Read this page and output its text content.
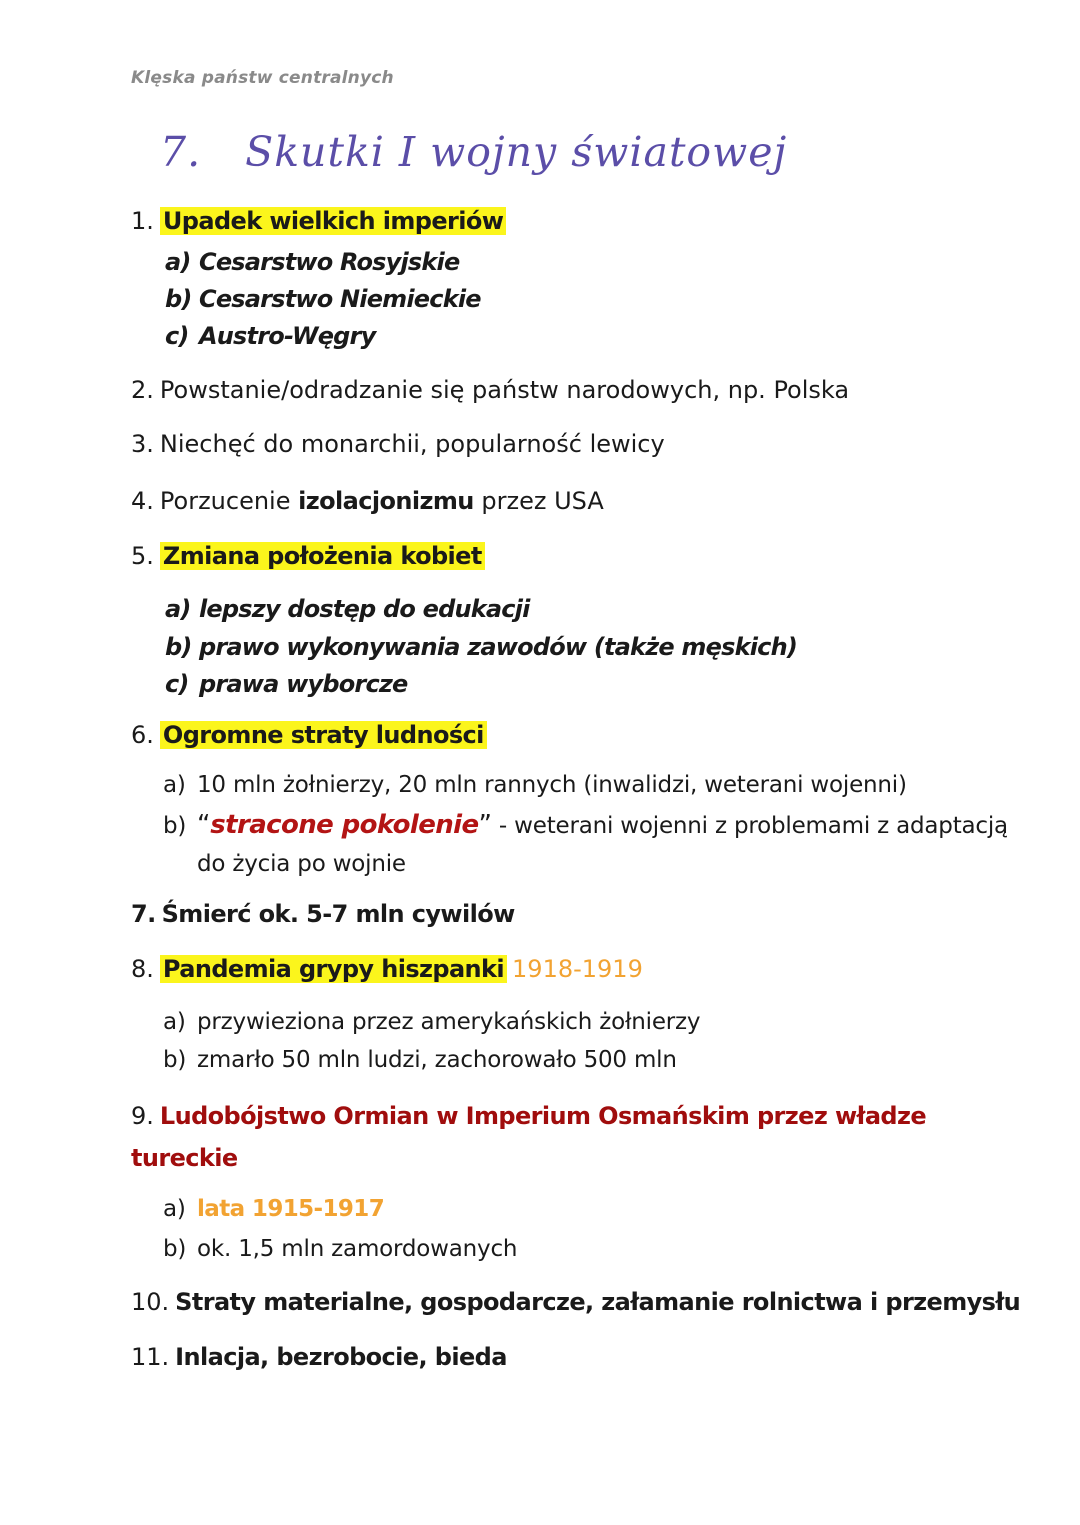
Klęska państw centralnych
7. Skutki I wojny światowej
1. Upadek wielkich imperiów
a) Cesarstwo Rosyjskie
b) Cesarstwo Niemieckie
c) Austro-Węgry
2. Powstanie/odradzanie się państw narodowych, np. Polska
3. Niechęć do monarchii, popularność lewicy
4. Porzucenie izolacjonizmu przez USA
5. Zmiana położenia kobiet
a) lepszy dostęp do edukacji
b) prawo wykonywania zawodów (także męskich)
c) prawa wyborcze
6. Ogromne straty ludności
a) 10 mln żołnierzy, 20 mln rannych (inwalidzi, weterani wojenni)
b) “stracone pokolenie” - weterani wojenni z problemami z adaptacją
do życia po wojnie
7. Śmierć ok. 5-7 mln cywilów
8. Pandemia grypy hiszpanki 1918-1919
a) przywieziona przez amerykańskich żołnierzy
b) zmarło 50 mln ludzi, zachorowało 500 mln
9. Ludobójstwo Ormian w Imperium Osmańskim przez władze
tureckie
a) lata 1915-1917
b) ok. 1,5 mln zamordowanych
10. Straty materialne, gospodarcze, załamanie rolnictwa i przemysłu
11. Inlacja, bezrobocie, bieda
